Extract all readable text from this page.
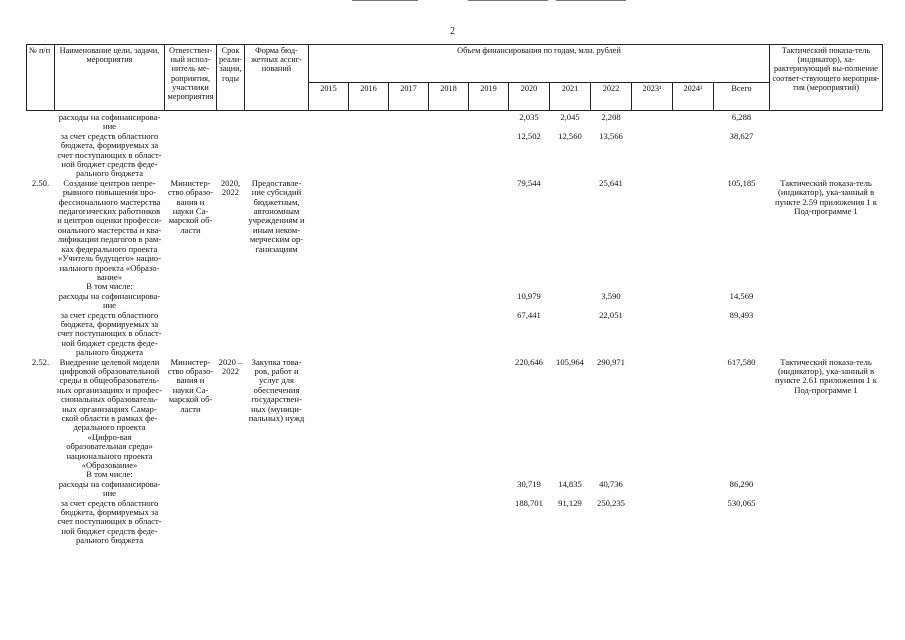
2
№ п/п	Наименование цели, задачи, мероприятия	Ответствен-ный испол-нитель ме-роприятия, участники мероприятия	Срок реали-зации, годы	Форма бюд-жетных ассиг-нований	Объем финансирования по годам, млн. рублей											Тактический показа-тель (индикатор), ха-рактеризующий вы-полнение соответ-ствующего мероприя-тия (мероприятий)
					2015	2016	2017	2018	2019	2020	2021	2022	2023¹	2024¹	Всего	
	расходы на софинансирова-ние									2,035	2,045	2,208			6,288	
	за счет средств областного бюджета, формируемых за счет поступающих в област-ной бюджет средств феде-рального бюджета									12,502	12,560	13,566			38,627	
2.50.	Создание центров непре-рывного повышения про-фессионального мастерства педагогических работников и центров оценки професси-онального мастерства и ква-лификации педагогов в рам-ках федерального проекта «Учитель будущего» нацио-нального проекта «Образо-вание»	Министер-ство образо-вания и науки Са-марской об-ласти	2020, 2022	Предоставле-ние субсидий бюджетным, автономным учреждениям и иным неком-мерческим ор-ганизациям						79,544		25,641			105,185	Тактический показа-тель (индикатор), ука-занный в пункте 2.59 приложения 1 к Под-программе 1
	В том числе:															
	расходы на софинансирова-ние									10,979		3,590			14,569	
	за счет средств областного бюджета, формируемых за счет поступающих в област-ной бюджет средств феде-рального бюджета									67,441		22,051			89,493	
2.52.	Внедрение целевой модели цифровой образовательной среды в общеобразователь-ных организациях и профес-сиональных образователь-ных организациях Самар-ской области в рамках фе-дерального проекта «Цифро-вая образовательная среда» национального проекта «Образование»	Министер-ство образо-вания и науки Са-марской об-ласти	2020 – 2022	Закупка това-ров, работ и услуг для обеспечения государствен-ных (муници-пальных) нужд						220,646	105,964	290,971			617,580	Тактический показа-тель (индикатор), ука-занный в пункте 2.61 приложения 1 к Под-программе 1
	В том числе:															
	расходы на софинансирова-ние									30,719	14,835	40,736			86,290	
	за счет средств областного бюджета, формируемых за счет поступающих в област-ной бюджет средств феде-рального бюджета									188,701	91,129	250,235			530,065	
